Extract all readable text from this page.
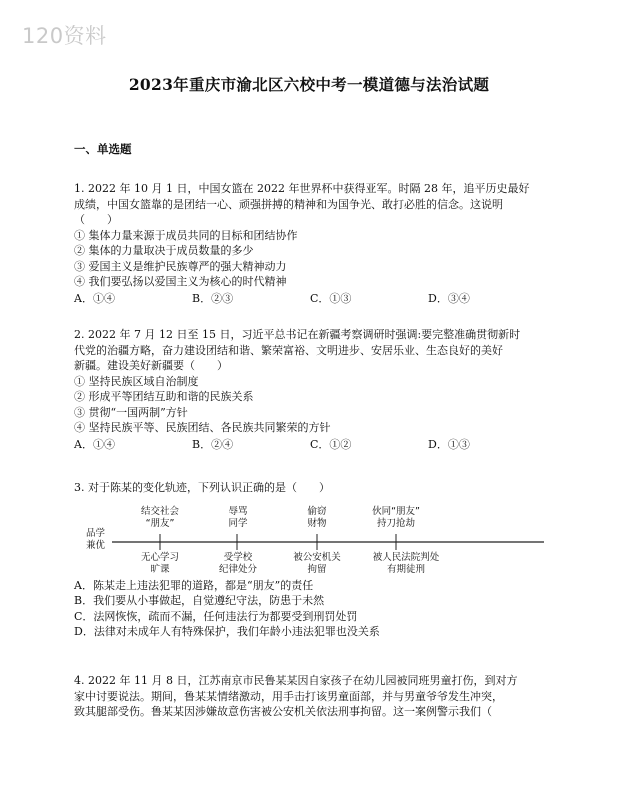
120资料
2023年重庆市渝北区六校中考一模道德与法治试题
一、单选题

1. 2022 年 10 月 1 日，中国女篮在 2022 年世界杯中获得亚军。时隔 28 年，追平历史最好

成绩，中国女篮靠的是团结一心、顽强拼搏的精神和为国争光、敢打必胜的信念。这说明

（　　）

① 集体力量来源于成员共同的目标和团结协作

② 集体的力量取决于成员数量的多少

③ 爱国主义是维护民族尊严的强大精神动力

④ 我们要弘扬以爱国主义为核心的时代精神

A．①④	B．②③	C．①③	D．③④

2. 2022 年 7 月 12 日至 15 日，习近平总书记在新疆考察调研时强调:要完整准确贯彻新时

代党的治疆方略，奋力建设团结和谐、繁荣富裕、文明进步、安居乐业、生态良好的美好

新疆。建设美好新疆要（　　）

① 坚持民族区域自治制度

② 形成平等团结互助和谐的民族关系

③ 贯彻“一国两制”方针

④ 坚持民族平等、民族团结、各民族共同繁荣的方针

A．①④	B．②④	C．①②	D．①③

3. 对于陈某的变化轨迹，下列认识正确的是（　　）

品学
兼优
结交社会
“朋友”
辱骂
同学
偷窃
财物
伙同“朋友”
持刀抢劫
无心学习
旷课
受学校
纪律处分
被公安机关
拘留
被人民法院判处
有期徒刑

A．陈某走上违法犯罪的道路，都是“朋友”的责任

B．我们要从小事做起，自觉遵纪守法，防患于未然

C．法网恢恢，疏而不漏，任何违法行为都要受到刑罚处罚

D．法律对未成年人有特殊保护，我们年龄小违法犯罪也没关系

4. 2022 年 11 月 8 日，江苏南京市民鲁某某因自家孩子在幼儿园被同班男童打伤，到对方

家中讨要说法。期间，鲁某某情绪激动，用手击打该男童面部，并与男童爷爷发生冲突，

致其腿部受伤。鲁某某因涉嫌故意伤害被公安机关依法刑事拘留。这一案例警示我们（
